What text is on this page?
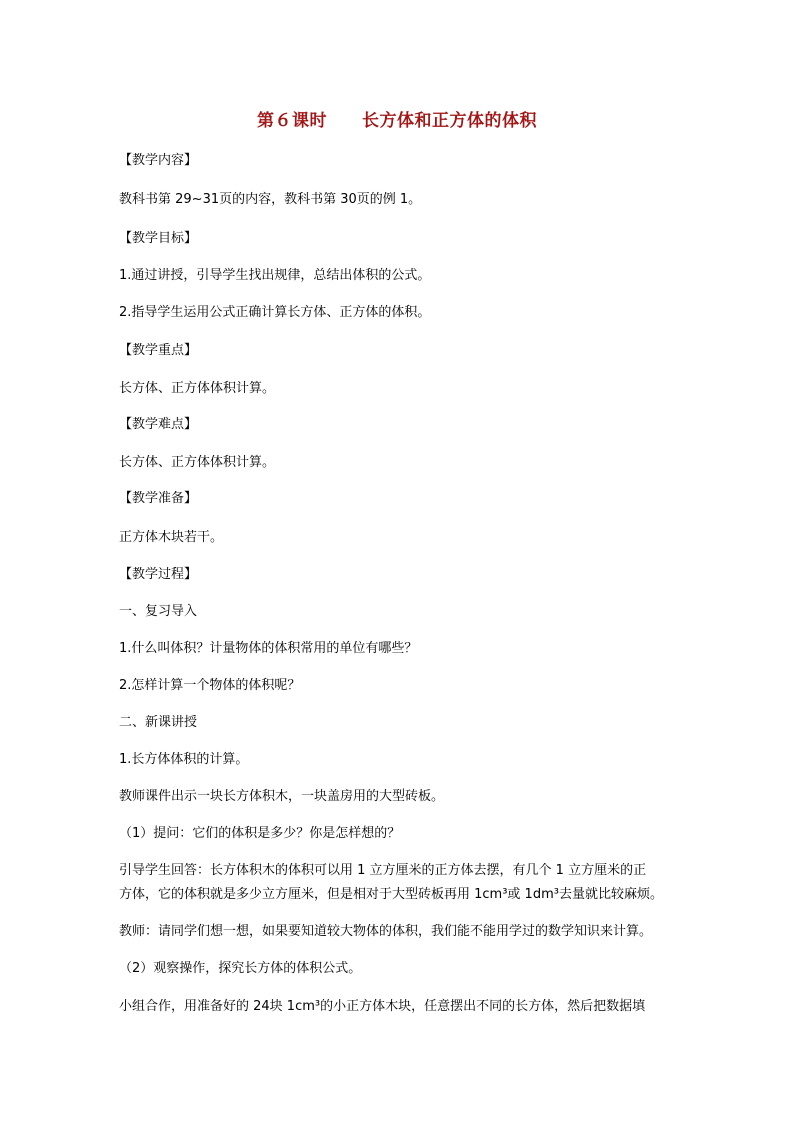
第６课时　　长方体和正方体的体积
【教学内容】
教科书第 29~31页的内容，教科书第 30页的例 1。
【教学目标】
1.通过讲授，引导学生找出规律，总结出体积的公式。
2.指导学生运用公式正确计算长方体、正方体的体积。
【教学重点】
长方体、正方体体积计算。
【教学难点】
长方体、正方体体积计算。
【教学准备】
正方体木块若干。
【教学过程】
一、复习导入
1.什么叫体积？计量物体的体积常用的单位有哪些？
2.怎样计算一个物体的体积呢？
二、新课讲授
1.长方体体积的计算。
教师课件出示一块长方体积木，一块盖房用的大型砖板。
（1）提问：它们的体积是多少？你是怎样想的？
引导学生回答：长方体积木的体积可以用 1 立方厘米的正方体去摆，有几个 1 立方厘米的正
方体，它的体积就是多少立方厘米，但是相对于大型砖板再用 1cm³或 1dm³去量就比较麻烦。
教师：请同学们想一想，如果要知道较大物体的体积，我们能不能用学过的数学知识来计算。
（2）观察操作，探究长方体的体积公式。
小组合作，用准备好的 24块 1cm³的小正方体木块，任意摆出不同的长方体，然后把数据填
